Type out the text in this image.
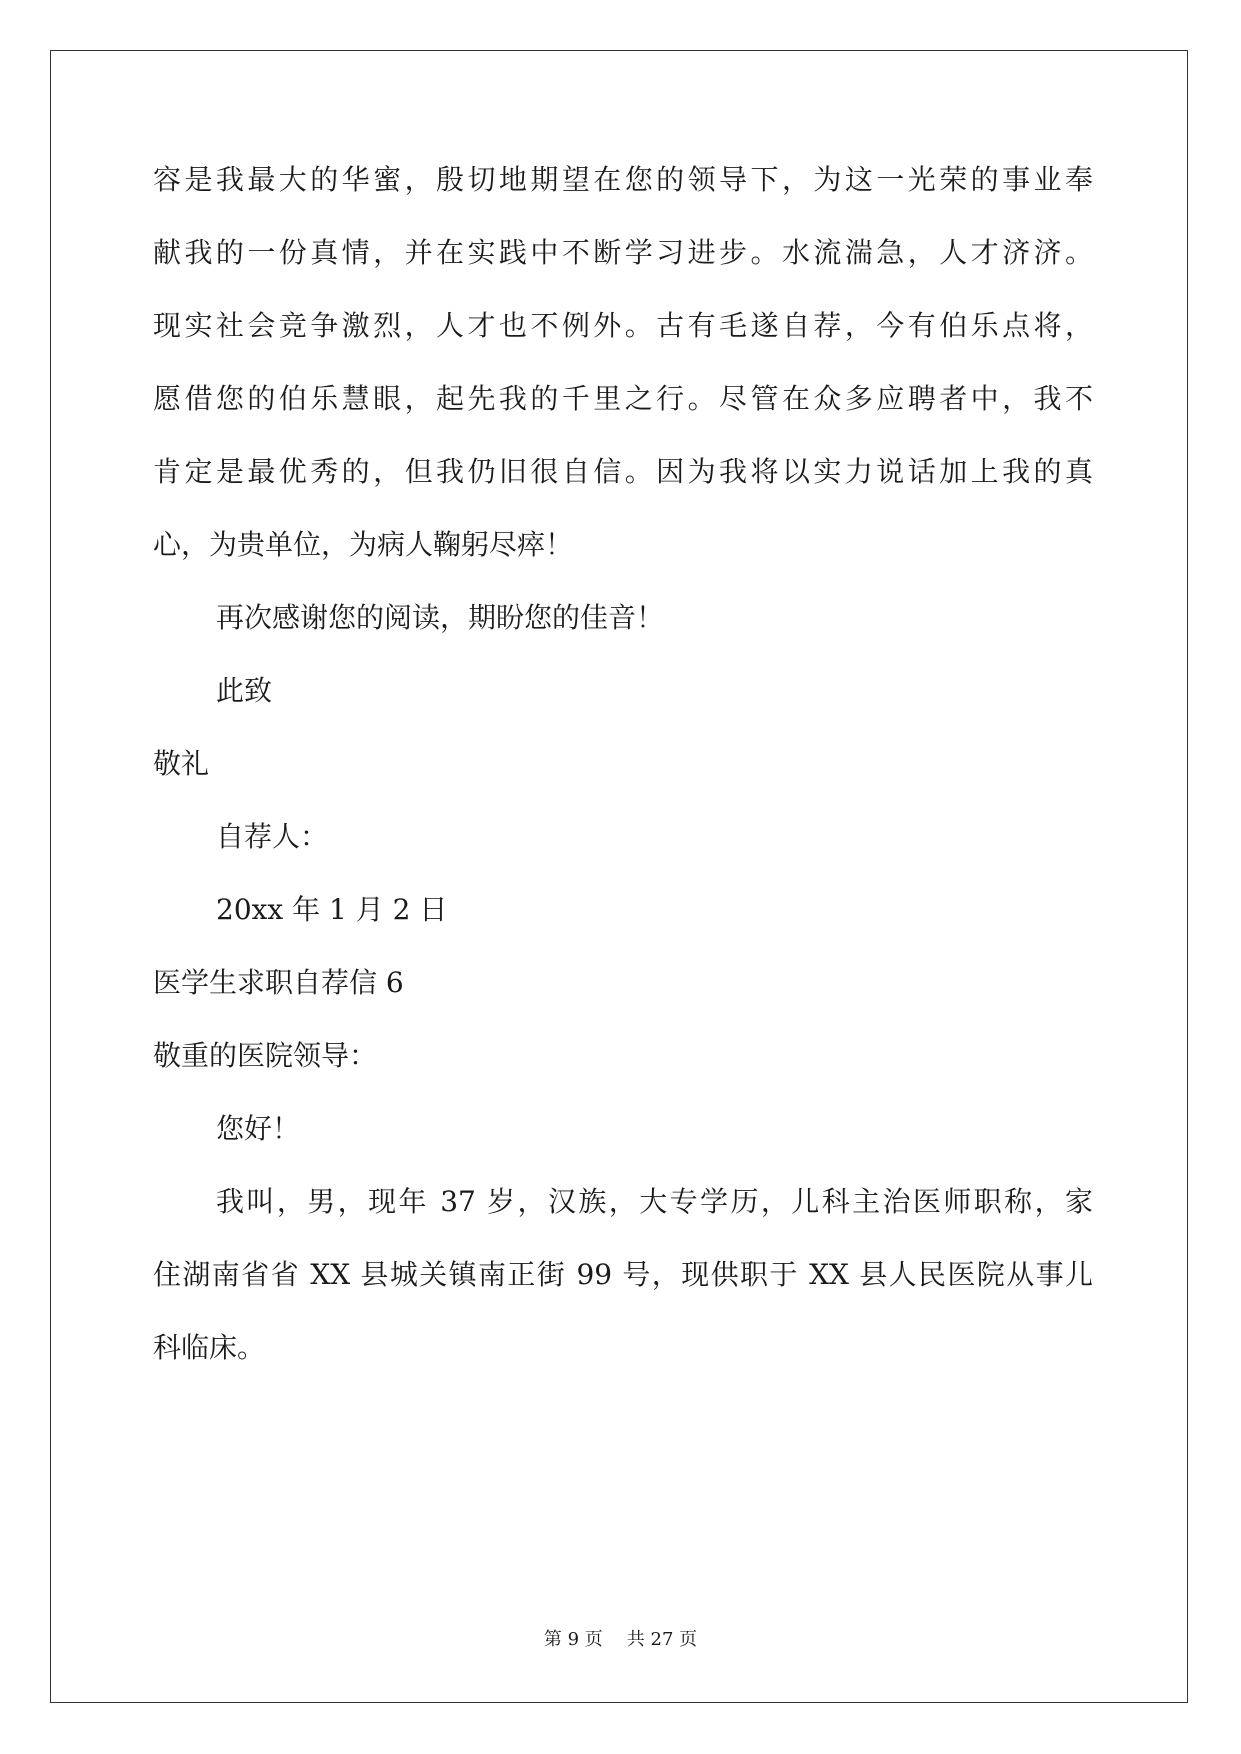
容是我最大的华蜜，殷切地期望在您的领导下，为这一光荣的事业奉
献我的一份真情，并在实践中不断学习进步。水流湍急，人才济济。
现实社会竞争激烈，人才也不例外。古有毛遂自荐，今有伯乐点将，
愿借您的伯乐慧眼，起先我的千里之行。尽管在众多应聘者中，我不
肯定是最优秀的，但我仍旧很自信。因为我将以实力说话加上我的真
心，为贵单位，为病人鞠躬尽瘁！
再次感谢您的阅读，期盼您的佳音！
此致
敬礼
自荐人：
20xx 年 1 月 2 日
医学生求职自荐信 6
敬重的医院领导：
您好！
我叫，男，现年 37 岁，汉族，大专学历，儿科主治医师职称，家
住湖南省省 XX 县城关镇南正街 99 号，现供职于 XX 县人民医院从事儿
科临床。
第 9 页 共 27 页
